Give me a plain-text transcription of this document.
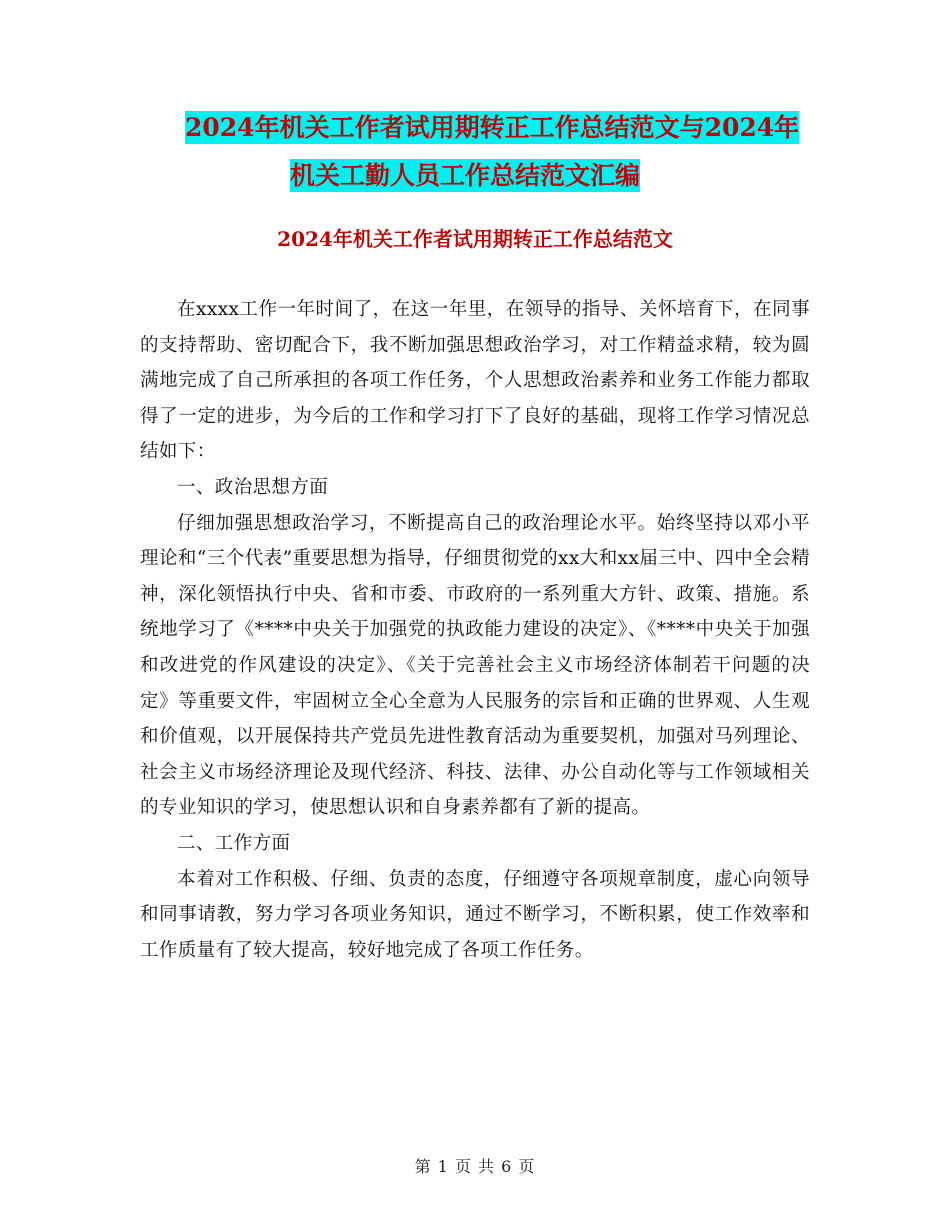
2024年机关工作者试用期转正工作总结范文与2024年
机关工勤人员工作总结范文汇编
2024年机关工作者试用期转正工作总结范文

在xxxx工作一年时间了，在这一年里，在领导的指导、关怀培育下，在同事的支持帮助、密切配合下，我不断加强思想政治学习，对工作精益求精，较为圆满地完成了自己所承担的各项工作任务，个人思想政治素养和业务工作能力都取得了一定的进步，为今后的工作和学习打下了良好的基础，现将工作学习情况总结如下：

一、政治思想方面

仔细加强思想政治学习，不断提高自己的政治理论水平。始终坚持以邓小平理论和“三个代表”重要思想为指导，仔细贯彻党的xx大和xx届三中、四中全会精神，深化领悟执行中央、省和市委、市政府的一系列重大方针、政策、措施。系统地学习了《****中央关于加强党的执政能力建设的决定》、《****中央关于加强和改进党的作风建设的决定》、《关于完善社会主义市场经济体制若干问题的决定》等重要文件，牢固树立全心全意为人民服务的宗旨和正确的世界观、人生观和价值观，以开展保持共产党员先进性教育活动为重要契机，加强对马列理论、社会主义市场经济理论及现代经济、科技、法律、办公自动化等与工作领域相关的专业知识的学习，使思想认识和自身素养都有了新的提高。

二、工作方面

本着对工作积极、仔细、负责的态度，仔细遵守各项规章制度，虚心向领导和同事请教，努力学习各项业务知识，通过不断学习，不断积累，使工作效率和工作质量有了较大提高，较好地完成了各项工作任务。

第 1 页 共 6 页
